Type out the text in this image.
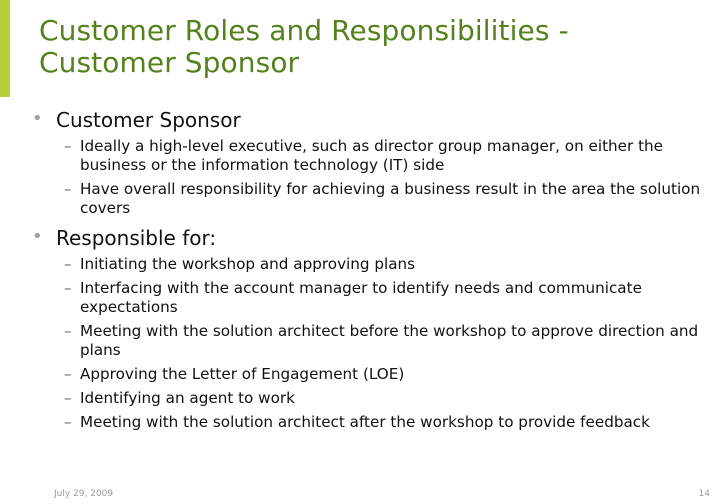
Customer Roles and Responsibilities - Customer Sponsor
• Customer Sponsor
– Ideally a high-level executive, such as director group manager, on either the business or the information technology (IT) side
– Have overall responsibility for achieving a business result in the area the solution covers
• Responsible for:
– Initiating the workshop and approving plans
– Interfacing with the account manager to identify needs and communicate expectations
– Meeting with the solution architect before the workshop to approve direction and plans
– Approving the Letter of Engagement (LOE)
– Identifying an agent to work
– Meeting with the solution architect after the workshop to provide feedback
July 29, 2009	14
